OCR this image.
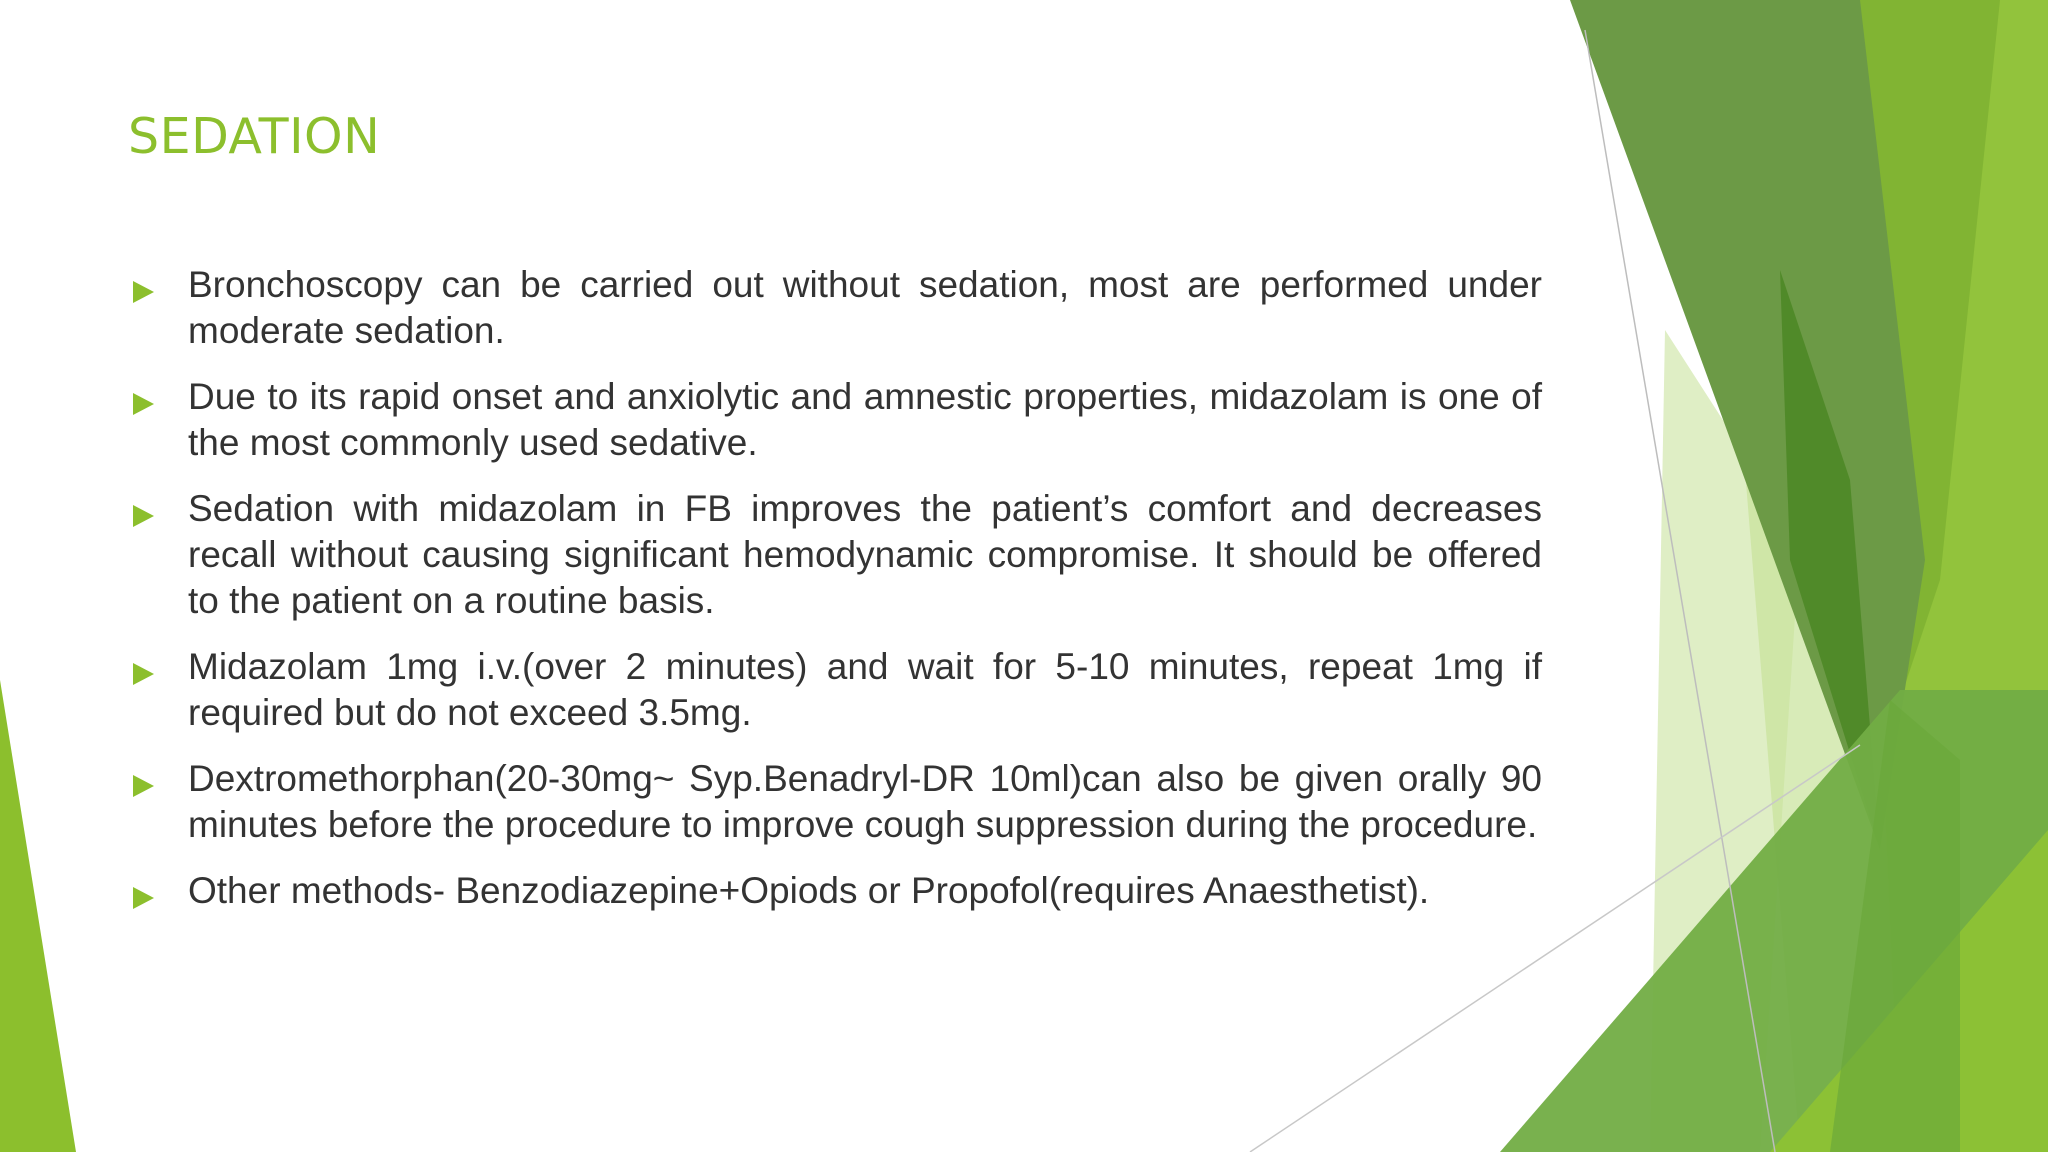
SEDATION
Bronchoscopy can be carried out without sedation, most are performed under moderate sedation.
Due to its rapid onset and anxiolytic and amnestic properties, midazolam is one of the most commonly used sedative.
Sedation with midazolam in FB improves the patient’s comfort and decreases recall without causing significant hemodynamic compromise. It should be offered to the patient on a routine basis.
Midazolam 1mg i.v.(over 2 minutes) and wait for 5-10 minutes, repeat 1mg if required but do not exceed 3.5mg.
Dextromethorphan(20-30mg~ Syp.Benadryl-DR 10ml)can also be given orally 90 minutes before the procedure to improve cough suppression during the procedure.
Other methods- Benzodiazepine+Opiods or Propofol(requires Anaesthetist).
